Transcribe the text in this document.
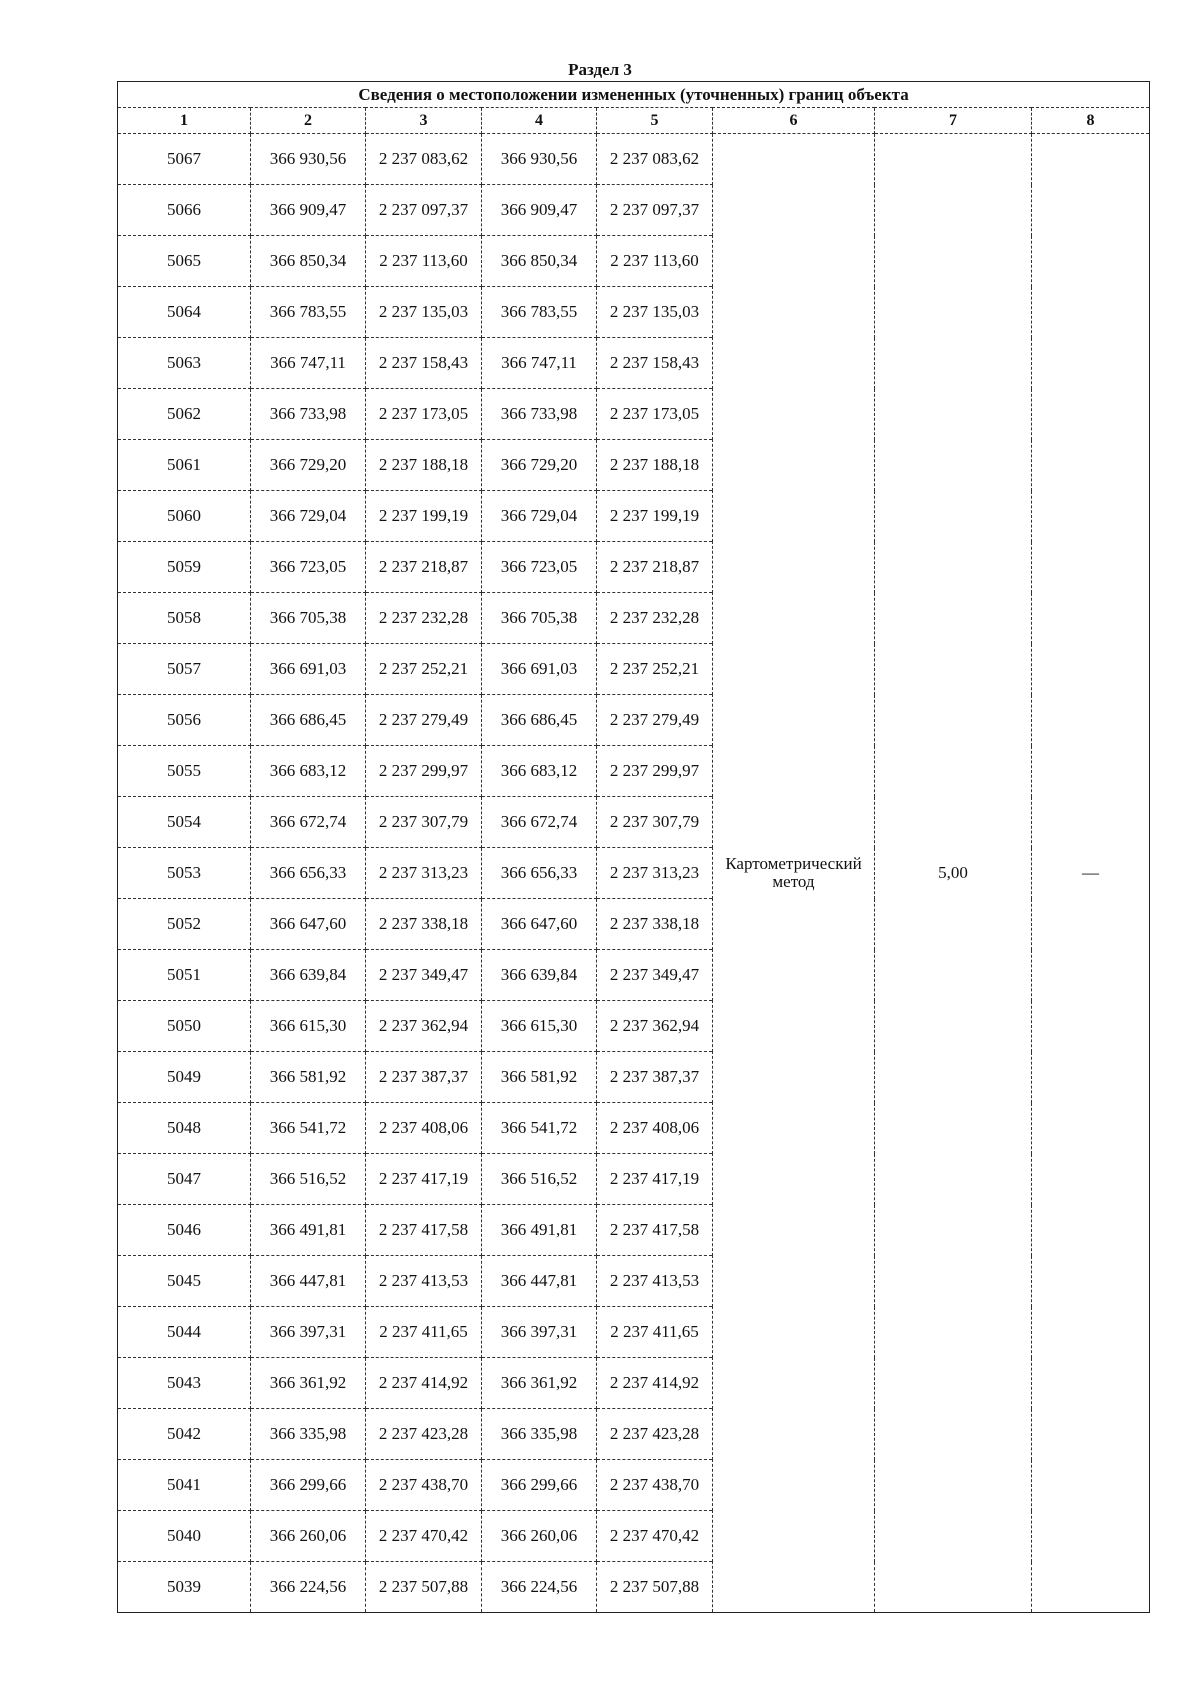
Раздел 3
Сведения о местоположении измененных (уточненных) границ объекта							
1	2	3	4	5	6	7	8
5067	366 930,56	2 237 083,62	366 930,56	2 237 083,62	Картометрический метод	5,00	—
5066	366 909,47	2 237 097,37	366 909,47	2 237 097,37			
5065	366 850,34	2 237 113,60	366 850,34	2 237 113,60			
5064	366 783,55	2 237 135,03	366 783,55	2 237 135,03			
5063	366 747,11	2 237 158,43	366 747,11	2 237 158,43			
5062	366 733,98	2 237 173,05	366 733,98	2 237 173,05			
5061	366 729,20	2 237 188,18	366 729,20	2 237 188,18			
5060	366 729,04	2 237 199,19	366 729,04	2 237 199,19			
5059	366 723,05	2 237 218,87	366 723,05	2 237 218,87			
5058	366 705,38	2 237 232,28	366 705,38	2 237 232,28			
5057	366 691,03	2 237 252,21	366 691,03	2 237 252,21			
5056	366 686,45	2 237 279,49	366 686,45	2 237 279,49			
5055	366 683,12	2 237 299,97	366 683,12	2 237 299,97			
5054	366 672,74	2 237 307,79	366 672,74	2 237 307,79			
5053	366 656,33	2 237 313,23	366 656,33	2 237 313,23			
5052	366 647,60	2 237 338,18	366 647,60	2 237 338,18			
5051	366 639,84	2 237 349,47	366 639,84	2 237 349,47			
5050	366 615,30	2 237 362,94	366 615,30	2 237 362,94			
5049	366 581,92	2 237 387,37	366 581,92	2 237 387,37			
5048	366 541,72	2 237 408,06	366 541,72	2 237 408,06			
5047	366 516,52	2 237 417,19	366 516,52	2 237 417,19			
5046	366 491,81	2 237 417,58	366 491,81	2 237 417,58			
5045	366 447,81	2 237 413,53	366 447,81	2 237 413,53			
5044	366 397,31	2 237 411,65	366 397,31	2 237 411,65			
5043	366 361,92	2 237 414,92	366 361,92	2 237 414,92			
5042	366 335,98	2 237 423,28	366 335,98	2 237 423,28			
5041	366 299,66	2 237 438,70	366 299,66	2 237 438,70			
5040	366 260,06	2 237 470,42	366 260,06	2 237 470,42			
5039	366 224,56	2 237 507,88	366 224,56	2 237 507,88			
